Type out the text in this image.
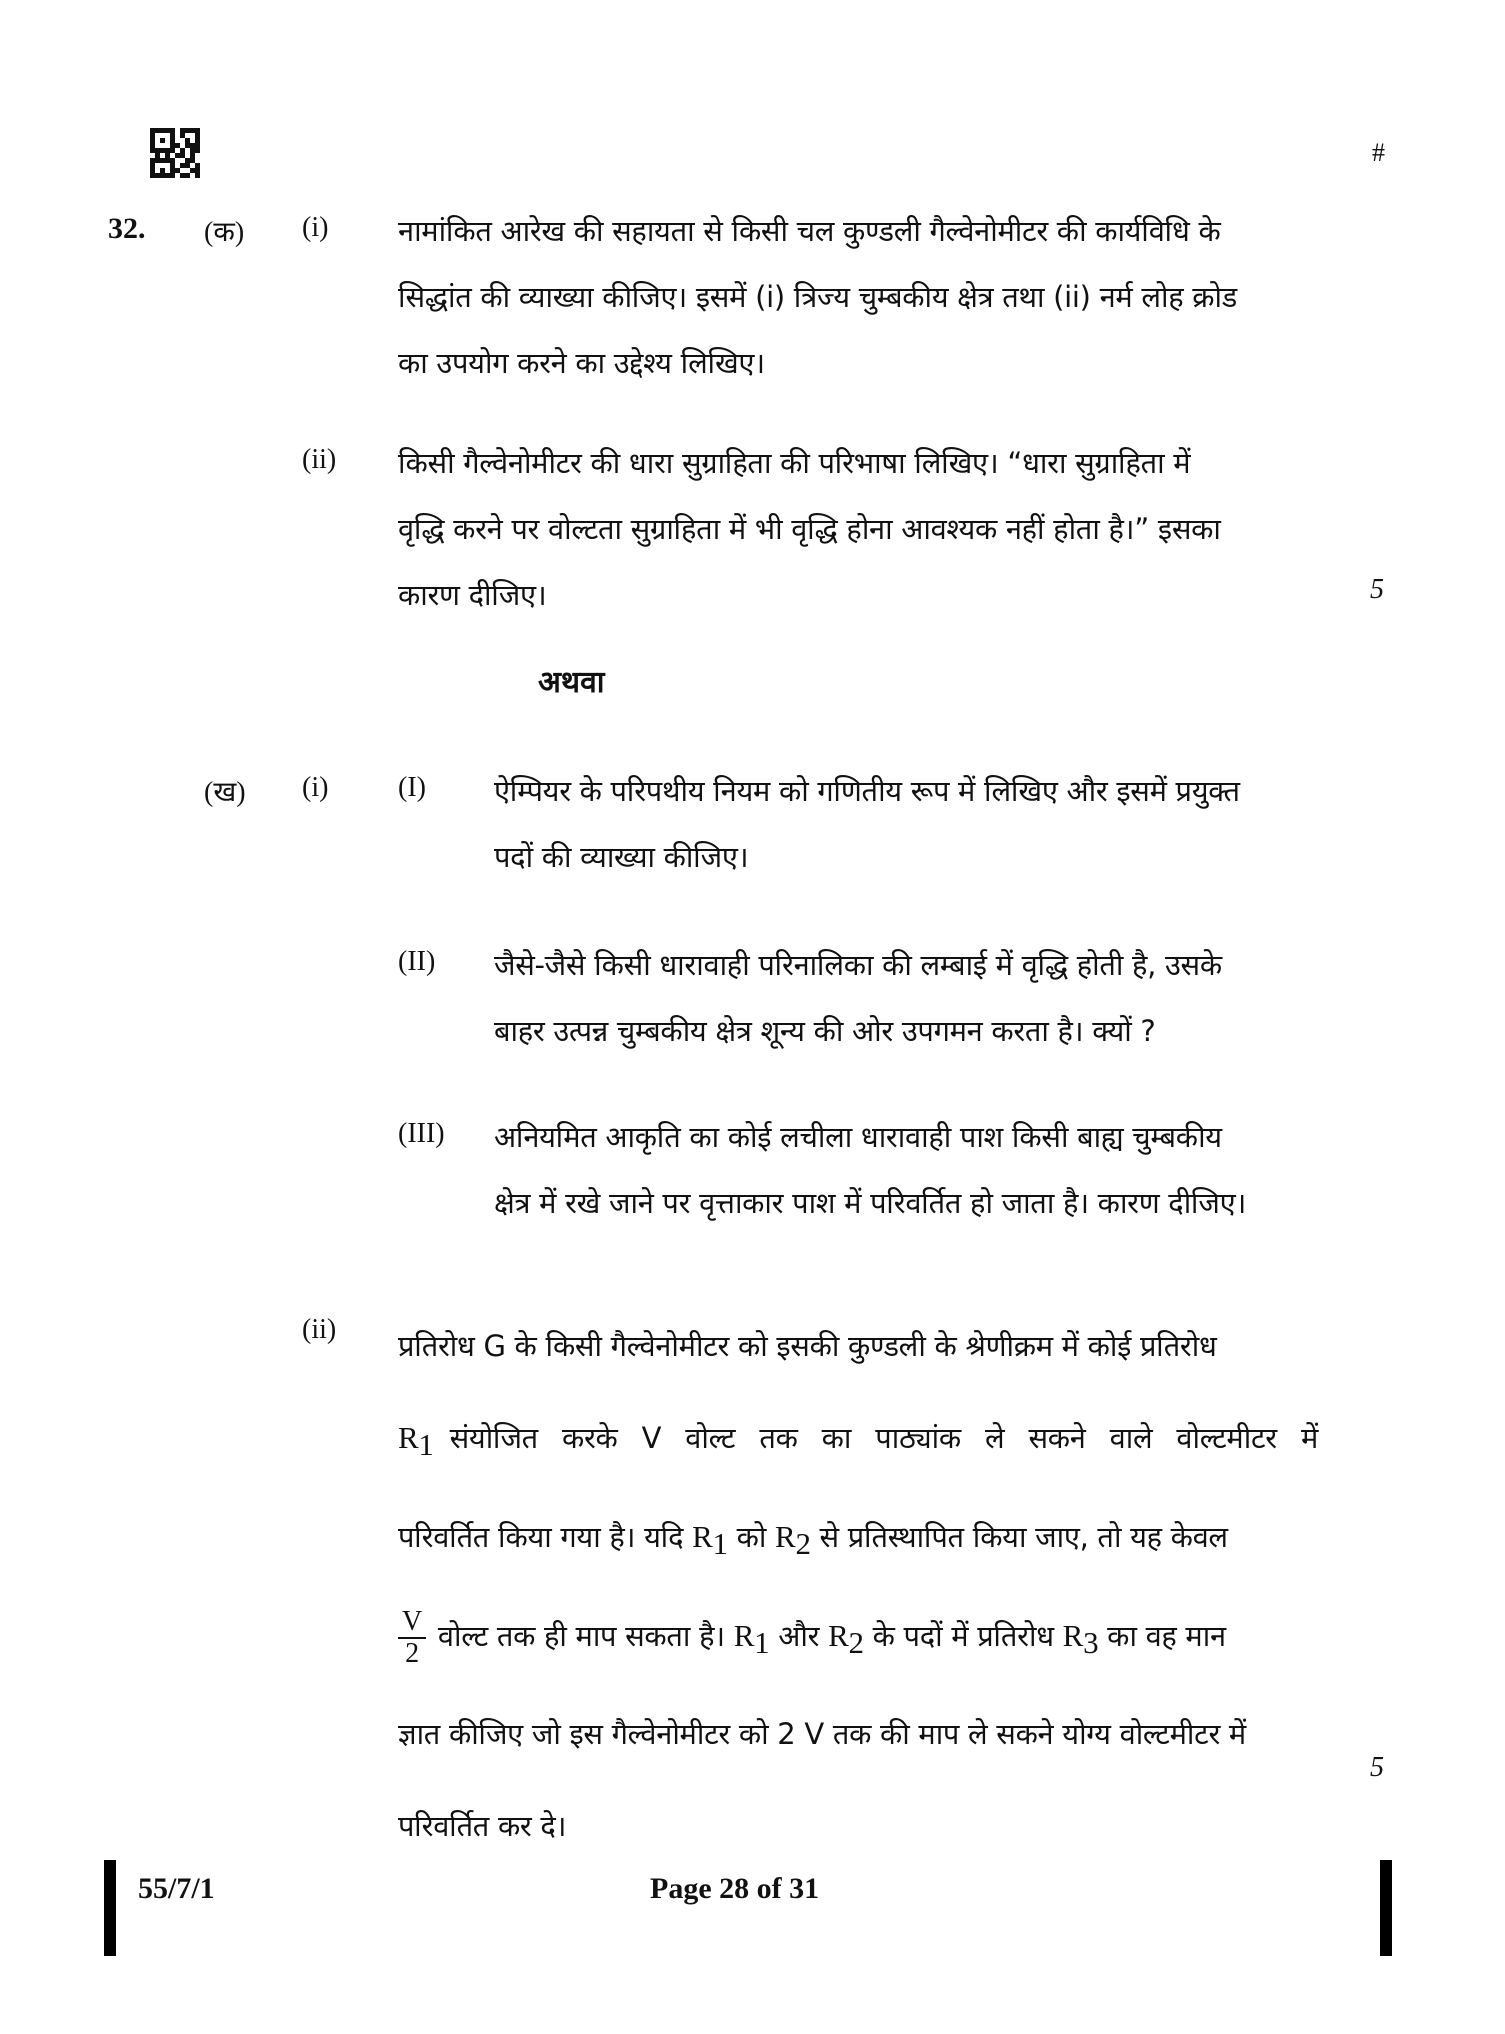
#
32. (क) (i) नामांकित आरेख की सहायता से किसी चल कुण्डली गैल्वेनोमीटर की कार्यविधि के
सिद्धांत की व्याख्या कीजिए। इसमें (i) त्रिज्य चुम्बकीय क्षेत्र तथा (ii) नर्म लोह क्रोड
का उपयोग करने का उद्देश्य लिखिए।
(ii) किसी गैल्वेनोमीटर की धारा सुग्राहिता की परिभाषा लिखिए। “धारा सुग्राहिता में
वृद्धि करने पर वोल्टता सुग्राहिता में भी वृद्धि होना आवश्यक नहीं होता है।” इसका
कारण दीजिए।	5
अथवा
(ख) (i) (I) ऐम्पियर के परिपथीय नियम को गणितीय रूप में लिखिए और इसमें प्रयुक्त
पदों की व्याख्या कीजिए।
(II) जैसे-जैसे किसी धारावाही परिनालिका की लम्बाई में वृद्धि होती है, उसके
बाहर उत्पन्न चुम्बकीय क्षेत्र शून्य की ओर उपगमन करता है। क्यों ?
(III) अनियमित आकृति का कोई लचीला धारावाही पाश किसी बाह्य चुम्बकीय
क्षेत्र में रखे जाने पर वृत्ताकार पाश में परिवर्तित हो जाता है। कारण दीजिए।
(ii) प्रतिरोध G के किसी गैल्वेनोमीटर को इसकी कुण्डली के श्रेणीक्रम में कोई प्रतिरोध
$R_1$ संयोजित करके V वोल्ट तक का पाठ्यांक ले सकने वाले वोल्टमीटर में
परिवर्तित किया गया है। यदि $R_1$ को $R_2$ से प्रतिस्थापित किया जाए, तो यह केवल
$\frac{V}{2}$ वोल्ट तक ही माप सकता है। $R_1$ और $R_2$ के पदों में प्रतिरोध $R_3$ का वह मान
ज्ञात कीजिए जो इस गैल्वेनोमीटर को 2 V तक की माप ले सकने योग्य वोल्टमीटर में
परिवर्तित कर दे।
5
55/7/1	Page 28 of 31
